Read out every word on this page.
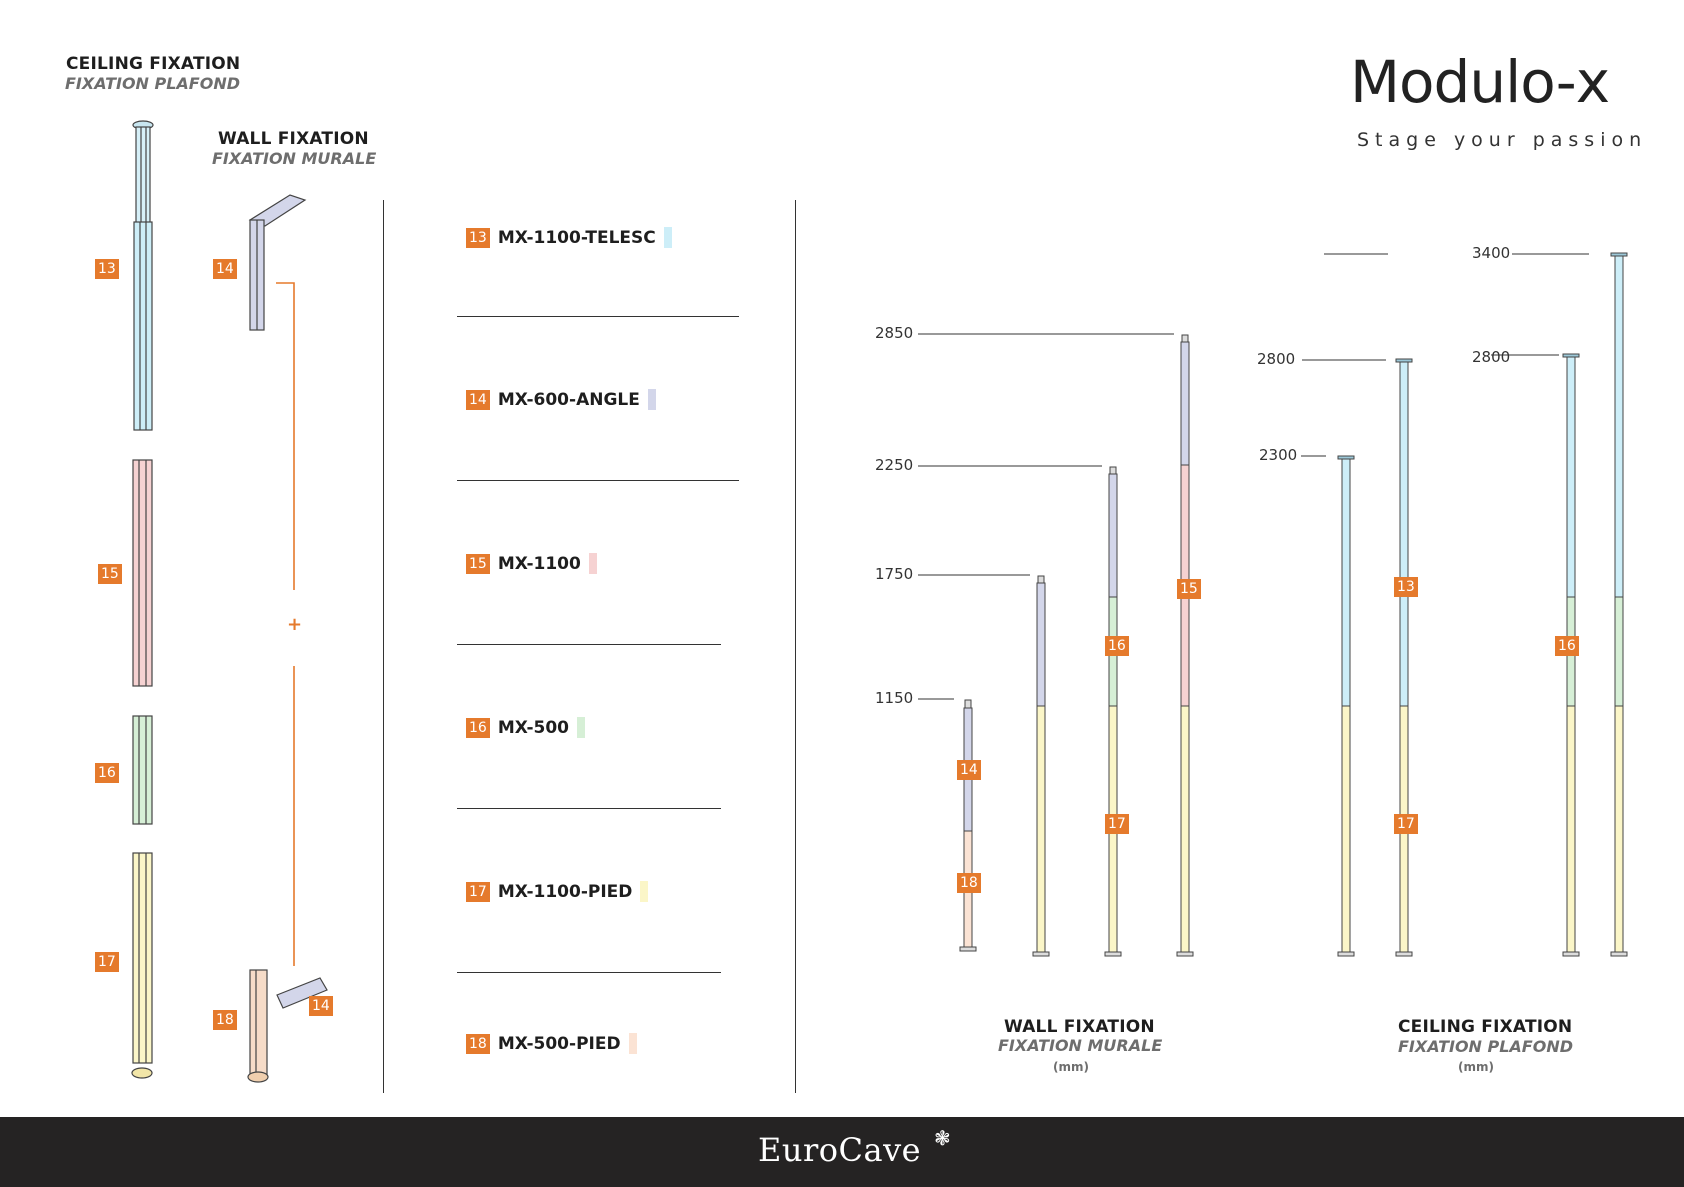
Modulo-x
Stage your passion
CEILING FIXATION
FIXATION PLAFOND
WALL FIXATION
FIXATION MURALE
+
13	14
15
16
17
18
14
13 MX-1100-TELESC
14 MX-600-ANGLE
15 MX-1100
16 MX-500
17 MX-1100-PIED
18 MX-500-PIED
2850
2250
1750
1150
3400
2800
2300
2800
14
18
16
17
15	13
17
16
WALL FIXATION
FIXATION MURALE
(mm)
CEILING FIXATION
FIXATION PLAFOND
(mm)
EuroCave ❃
